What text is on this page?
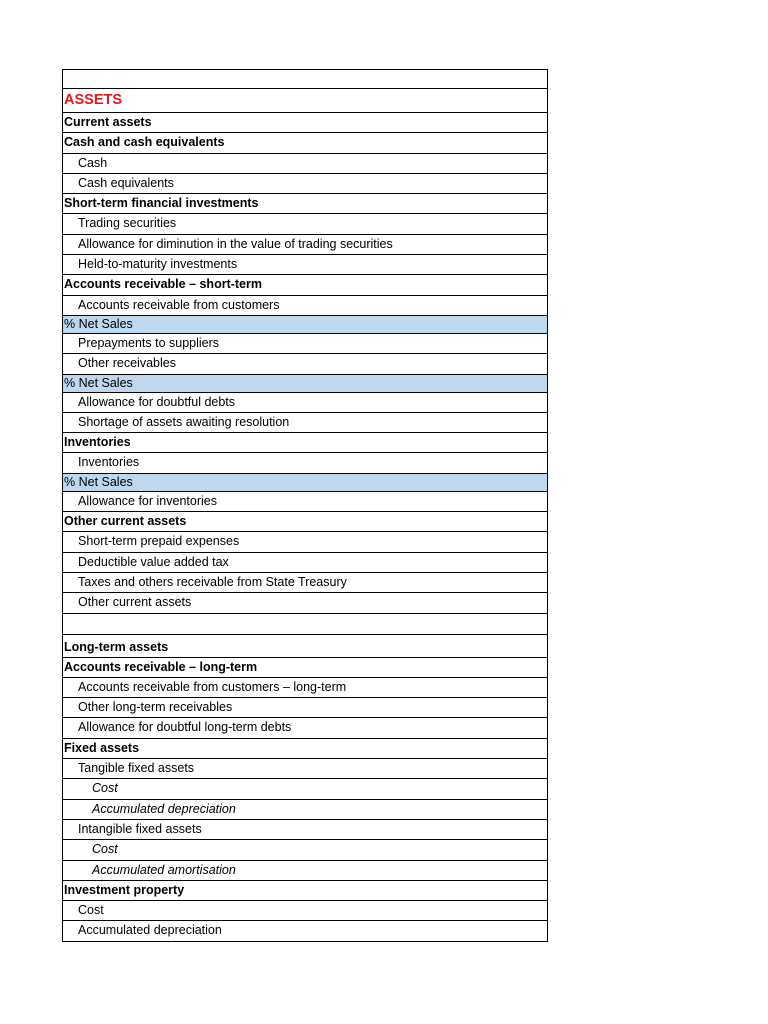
ASSETS
Current assets
Cash and cash equivalents
Cash
Cash equivalents
Short-term financial investments
Trading securities
Allowance for diminution in the value of trading securities
Held-to-maturity investments
Accounts receivable – short-term
Accounts receivable from customers
% Net Sales
Prepayments to suppliers
Other receivables
% Net Sales
Allowance for doubtful debts
Shortage of assets awaiting resolution
Inventories
Inventories
% Net Sales
Allowance for inventories
Other current assets
Short-term prepaid expenses
Deductible value added tax
Taxes and others receivable from State Treasury
Other current assets
Long-term assets
Accounts receivable – long-term
Accounts receivable from customers – long-term
Other long-term receivables
Allowance for doubtful long-term debts
Fixed assets
Tangible fixed assets
Cost
Accumulated depreciation
Intangible fixed assets
Cost
Accumulated amortisation
Investment property
Cost
Accumulated depreciation
